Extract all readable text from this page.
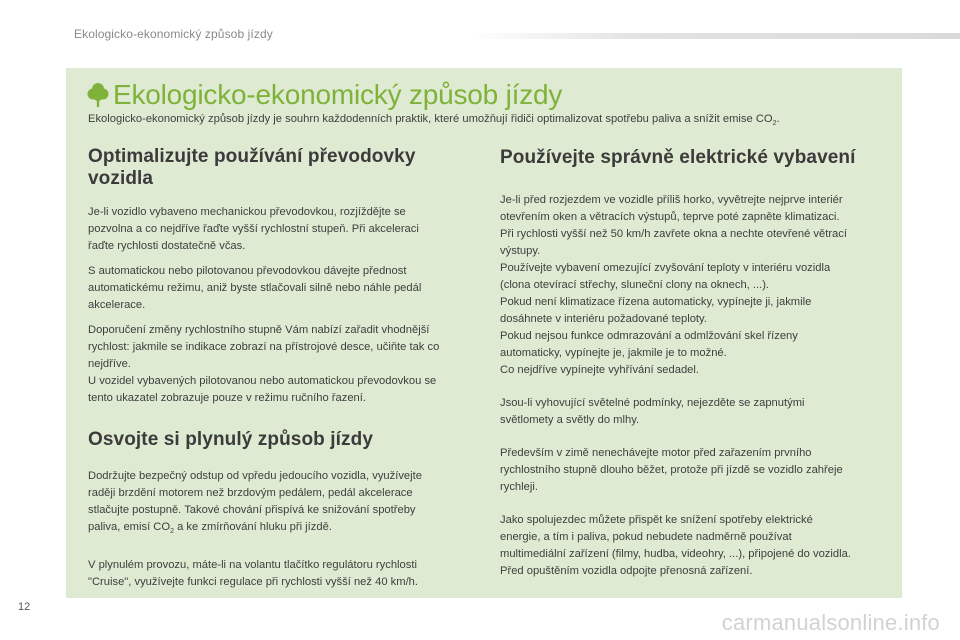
Ekologicko-ekonomický způsob jízdy
Ekologicko-ekonomický způsob jízdy
Ekologicko-ekonomický způsob jízdy je souhrn každodenních praktik, které umožňují řidiči optimalizovat spotřebu paliva a snížit emise $CO_2$.
Optimalizujte používání převodovky vozidla

Je-li vozidlo vybaveno mechanickou převodovkou, rozjíždějte se
pozvolna a co nejdříve řaďte vyšší rychlostní stupeň. Při akceleraci
řaďte rychlosti dostatečně včas.

S automatickou nebo pilotovanou převodovkou dávejte přednost
automatickému režimu, aniž byste stlačovali silně nebo náhle pedál
akcelerace.

Doporučení změny rychlostního stupně Vám nabízí zařadit vhodnější
rychlost: jakmile se indikace zobrazí na přístrojové desce, učiňte tak co
nejdříve.
U vozidel vybavených pilotovanou nebo automatickou převodovkou se
tento ukazatel zobrazuje pouze v režimu ručního řazení.

Osvojte si plynulý způsob jízdy

Dodržujte bezpečný odstup od vpředu jedoucího vozidla, využívejte
raději brzdění motorem než brzdovým pedálem, pedál akcelerace
stlačujte postupně. Takové chování přispívá ke snižování spotřeby
paliva, emisí $CO_2$ a ke zmírňování hluku při jízdě.

V plynulém provozu, máte-li na volantu tlačítko regulátoru rychlosti
"Cruise", využívejte funkci regulace při rychlosti vyšší než 40 km/h.

Používejte správně elektrické vybavení

Je-li před rozjezdem ve vozidle příliš horko, vyvětrejte nejprve interiér
otevřením oken a větracích výstupů, teprve poté zapněte klimatizaci.
Při rychlosti vyšší než 50 km/h zavřete okna a nechte otevřené větrací
výstupy.
Používejte vybavení omezující zvyšování teploty v interiéru vozidla
(clona otevírací střechy, sluneční clony na oknech, ...).
Pokud není klimatizace řízena automaticky, vypínejte ji, jakmile
dosáhnete v interiéru požadované teploty.
Pokud nejsou funkce odmrazování a odmlžování skel řízeny
automaticky, vypínejte je, jakmile je to možné.
Co nejdříve vypínejte vyhřívání sedadel.

Jsou-li vyhovující světelné podmínky, nejezděte se zapnutými
světlomety a světly do mlhy.

Především v zimě nenechávejte motor před zařazením prvního
rychlostního stupně dlouho běžet, protože při jízdě se vozidlo zahřeje
rychleji.

Jako spolujezdec můžete přispět ke snížení spotřeby elektrické
energie, a tím i paliva, pokud nebudete nadměrně používat
multimediální zařízení (filmy, hudba, videohry, ...), připojené do vozidla.
Před opuštěním vozidla odpojte přenosná zařízení.

12
carmanualsonline.info
